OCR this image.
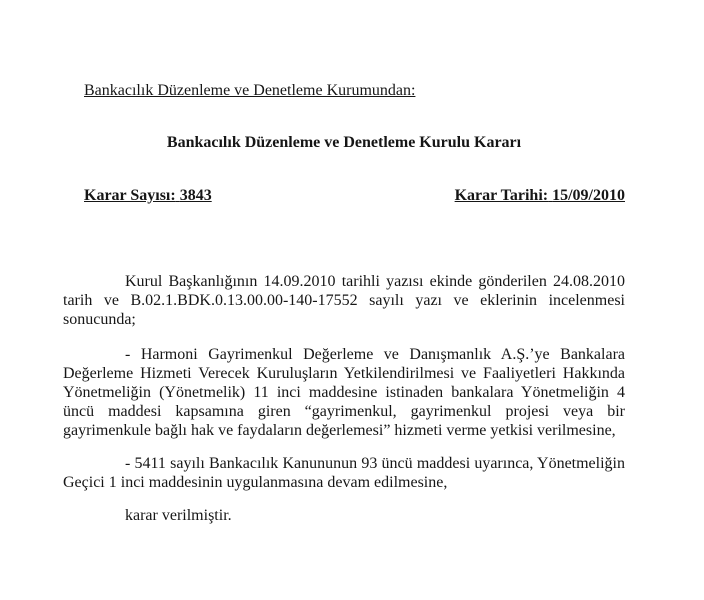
Bankacılık Düzenleme ve Denetleme Kurumundan:
Bankacılık Düzenleme ve Denetleme Kurulu Kararı
Karar Sayısı: 3843	Karar Tarihi: 15/09/2010

Kurul Başkanlığının 14.09.2010 tarihli yazısı ekinde gönderilen 24.08.2010 tarih ve B.02.1.BDK.0.13.00.00-140-17552 sayılı yazı ve eklerinin incelenmesi sonucunda;

- Harmoni Gayrimenkul Değerleme ve Danışmanlık A.Ş.’ye Bankalara Değerleme Hizmeti Verecek Kuruluşların Yetkilendirilmesi ve Faaliyetleri Hakkında Yönetmeliğin (Yönetmelik) 11 inci maddesine istinaden bankalara Yönetmeliğin 4 üncü maddesi kapsamına giren “gayrimenkul, gayrimenkul projesi veya bir gayrimenkule bağlı hak ve faydaların değerlemesi” hizmeti verme yetkisi verilmesine,

- 5411 sayılı Bankacılık Kanununun 93 üncü maddesi uyarınca, Yönetmeliğin Geçici 1 inci maddesinin uygulanmasına devam edilmesine,

karar verilmiştir.
